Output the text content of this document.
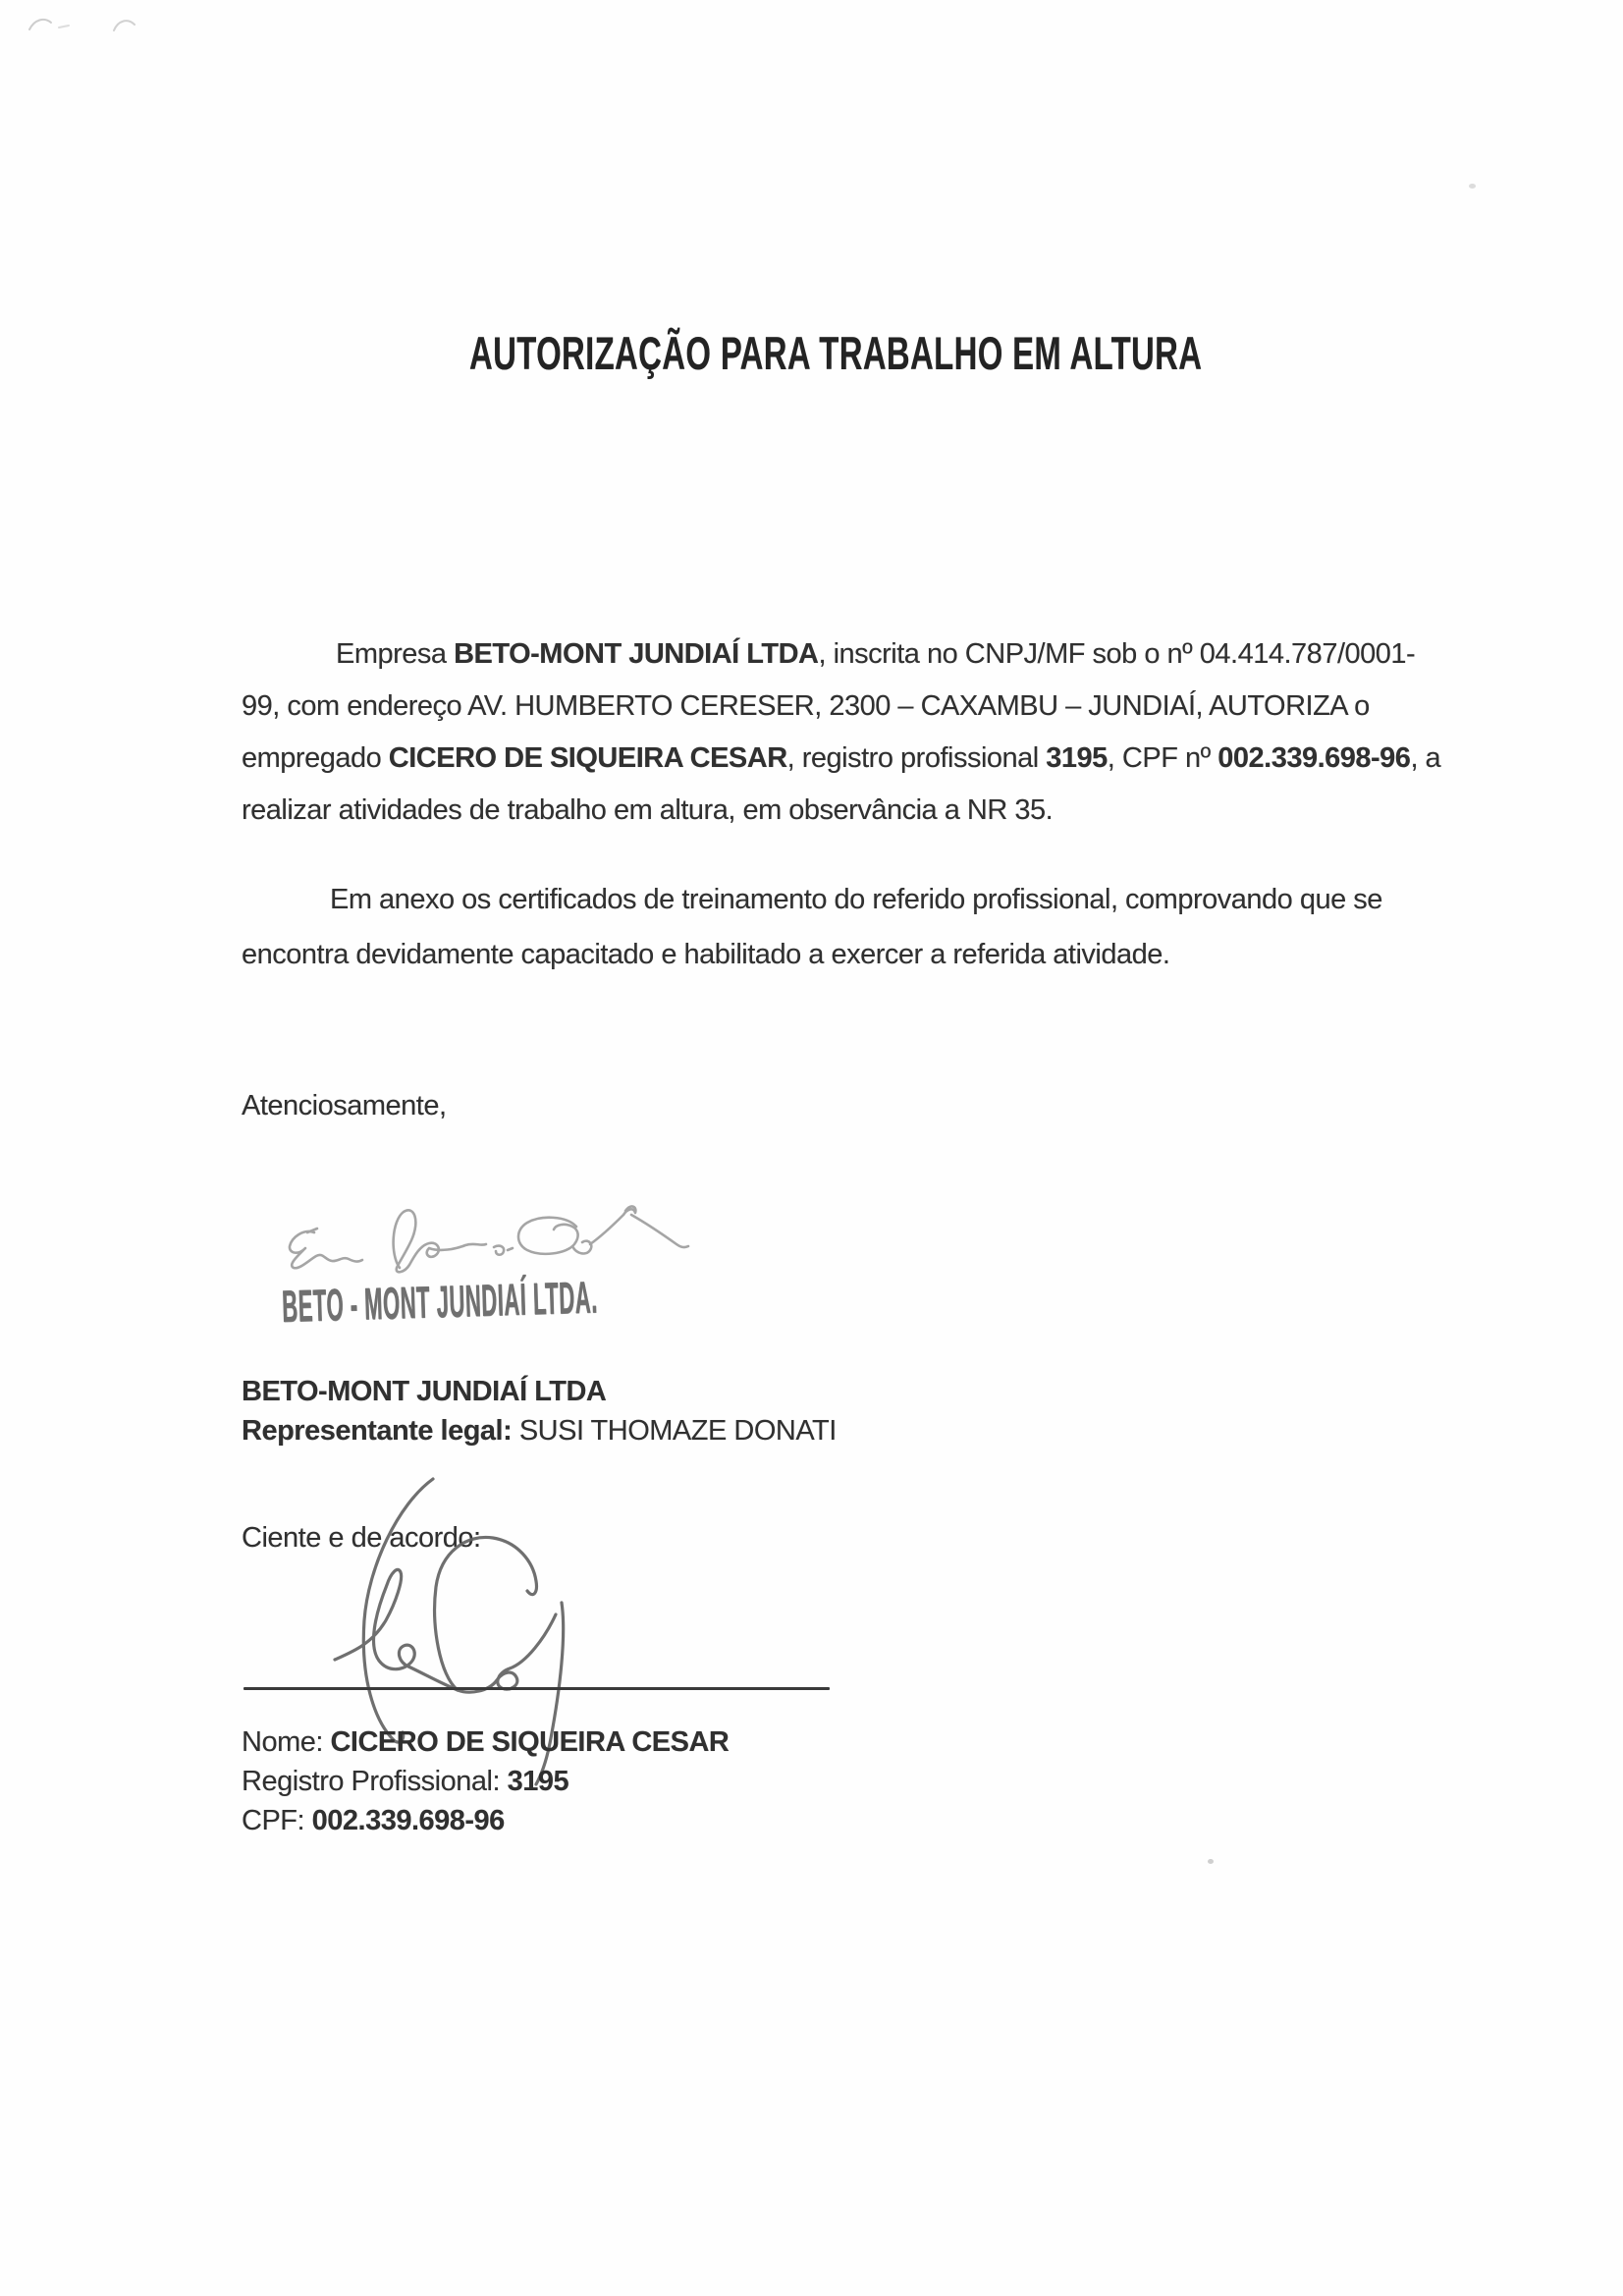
AUTORIZAÇÃO PARA TRABALHO EM ALTURA
Empresa BETO-MONT JUNDIAÍ LTDA, inscrita no CNPJ/MF sob o nº 04.414.787/0001-
99, com endereço AV. HUMBERTO CERESER, 2300 – CAXAMBU – JUNDIAÍ, AUTORIZA o
empregado CICERO DE SIQUEIRA CESAR, registro profissional 3195, CPF nº 002.339.698-96, a
realizar atividades de trabalho em altura, em observância a NR 35.
Em anexo os certificados de treinamento do referido profissional, comprovando que se
encontra devidamente capacitado e habilitado a exercer a referida atividade.
Atenciosamente,
BETO - MONT JUNDIAÍ LTDA.
BETO-MONT JUNDIAÍ LTDA
Representante legal: SUSI THOMAZE DONATI
Ciente e de acordo:
Nome: CICERO DE SIQUEIRA CESAR
Registro Profissional: 3195
CPF: 002.339.698-96
